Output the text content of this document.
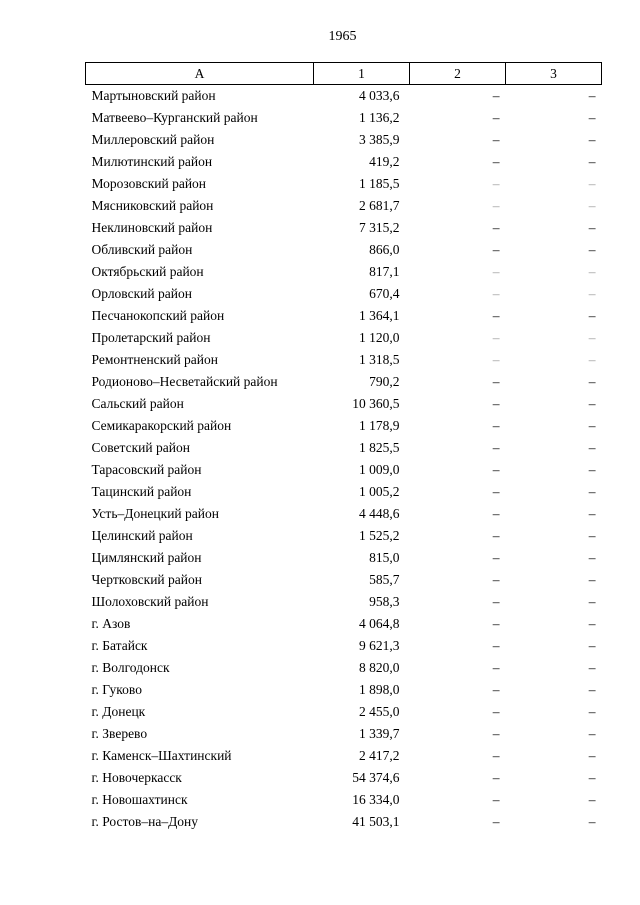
1965
А	1	2	3
Мартыновский район	4 033,6	–	–
Матвеево–Курганский район	1 136,2	–	–
Миллеровский район	3 385,9	–	–
Милютинский район	419,2	–	–
Морозовский район	1 185,5	–	–
Мясниковский район	2 681,7	–	–
Неклиновский район	7 315,2	–	–
Обливский район	866,0	–	–
Октябрьский район	817,1	–	–
Орловский район	670,4	–	–
Песчанокопский район	1 364,1	–	–
Пролетарский район	1 120,0	–	–
Ремонтненский район	1 318,5	–	–
Родионово–Несветайский район	790,2	–	–
Сальский район	10 360,5	–	–
Семикаракорский район	1 178,9	–	–
Советский район	1 825,5	–	–
Тарасовский район	1 009,0	–	–
Тацинский район	1 005,2	–	–
Усть–Донецкий район	4 448,6	–	–
Целинский район	1 525,2	–	–
Цимлянский район	815,0	–	–
Чертковский район	585,7	–	–
Шолоховский район	958,3	–	–
г. Азов	4 064,8	–	–
г. Батайск	9 621,3	–	–
г. Волгодонск	8 820,0	–	–
г. Гуково	1 898,0	–	–
г. Донецк	2 455,0	–	–
г. Зверево	1 339,7	–	–
г. Каменск–Шахтинский	2 417,2	–	–
г. Новочеркасск	54 374,6	–	–
г. Новошахтинск	16 334,0	–	–
г. Ростов–на–Дону	41 503,1	–	–
